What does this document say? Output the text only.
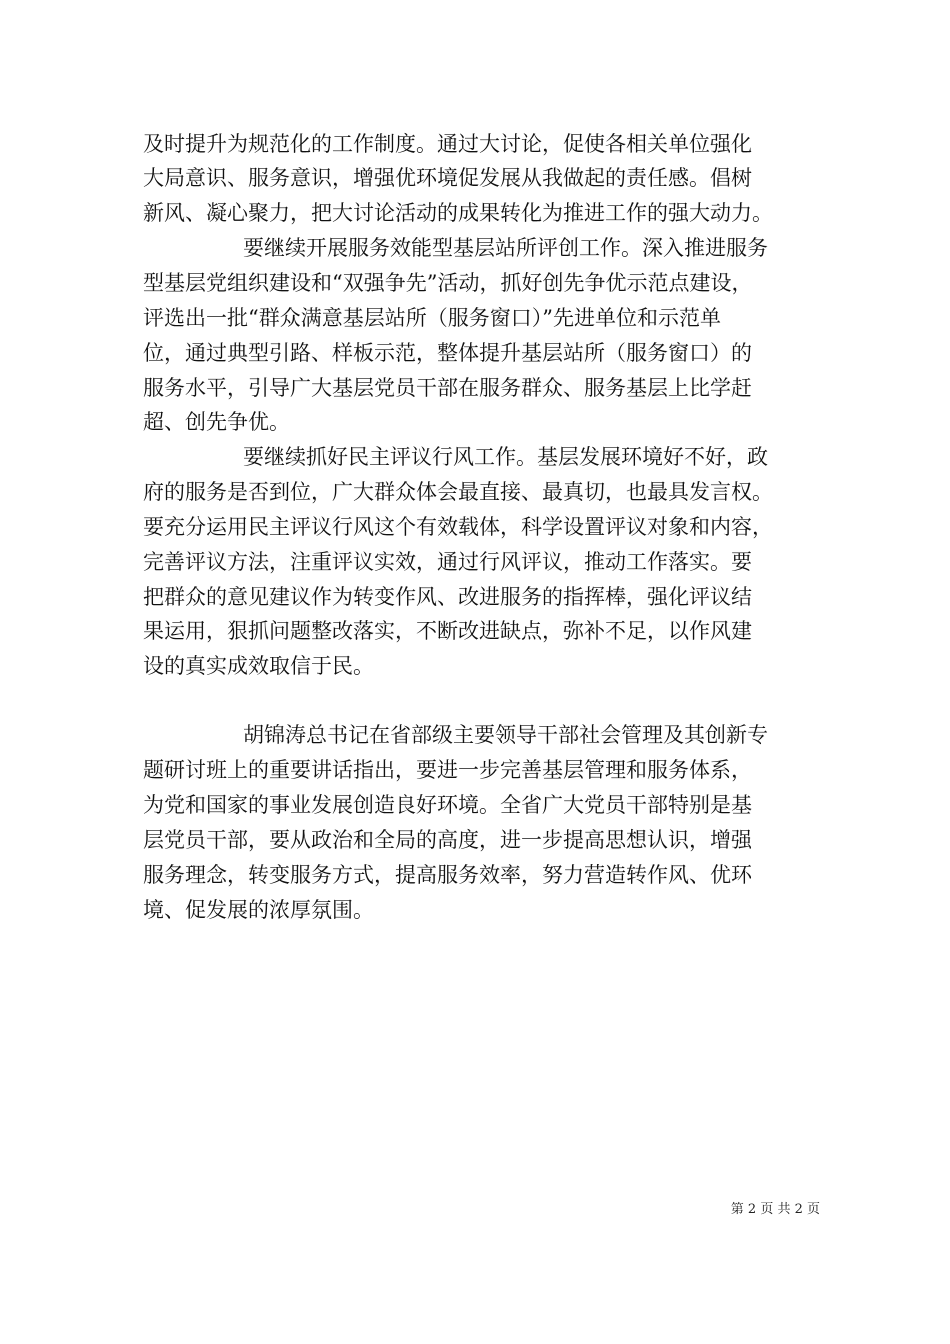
及时提升为规范化的工作制度。通过大讨论，促使各相关单位强化
大局意识、服务意识，增强优环境促发展从我做起的责任感。倡树
新风、凝心聚力，把大讨论活动的成果转化为推进工作的强大动力。
要继续开展服务效能型基层站所评创工作。深入推进服务
型基层党组织建设和“双强争先”活动，抓好创先争优示范点建设，
评选出一批“群众满意基层站所（服务窗口）”先进单位和示范单
位，通过典型引路、样板示范，整体提升基层站所（服务窗口）的
服务水平，引导广大基层党员干部在服务群众、服务基层上比学赶
超、创先争优。
要继续抓好民主评议行风工作。基层发展环境好不好，政
府的服务是否到位，广大群众体会最直接、最真切，也最具发言权。
要充分运用民主评议行风这个有效载体，科学设置评议对象和内容，
完善评议方法，注重评议实效，通过行风评议，推动工作落实。要
把群众的意见建议作为转变作风、改进服务的指挥棒，强化评议结
果运用，狠抓问题整改落实，不断改进缺点，弥补不足，以作风建
设的真实成效取信于民。
胡锦涛总书记在省部级主要领导干部社会管理及其创新专
题研讨班上的重要讲话指出，要进一步完善基层管理和服务体系，
为党和国家的事业发展创造良好环境。全省广大党员干部特别是基
层党员干部，要从政治和全局的高度，进一步提高思想认识，增强
服务理念，转变服务方式，提高服务效率，努力营造转作风、优环
境、促发展的浓厚氛围。
第 2 页 共 2 页
